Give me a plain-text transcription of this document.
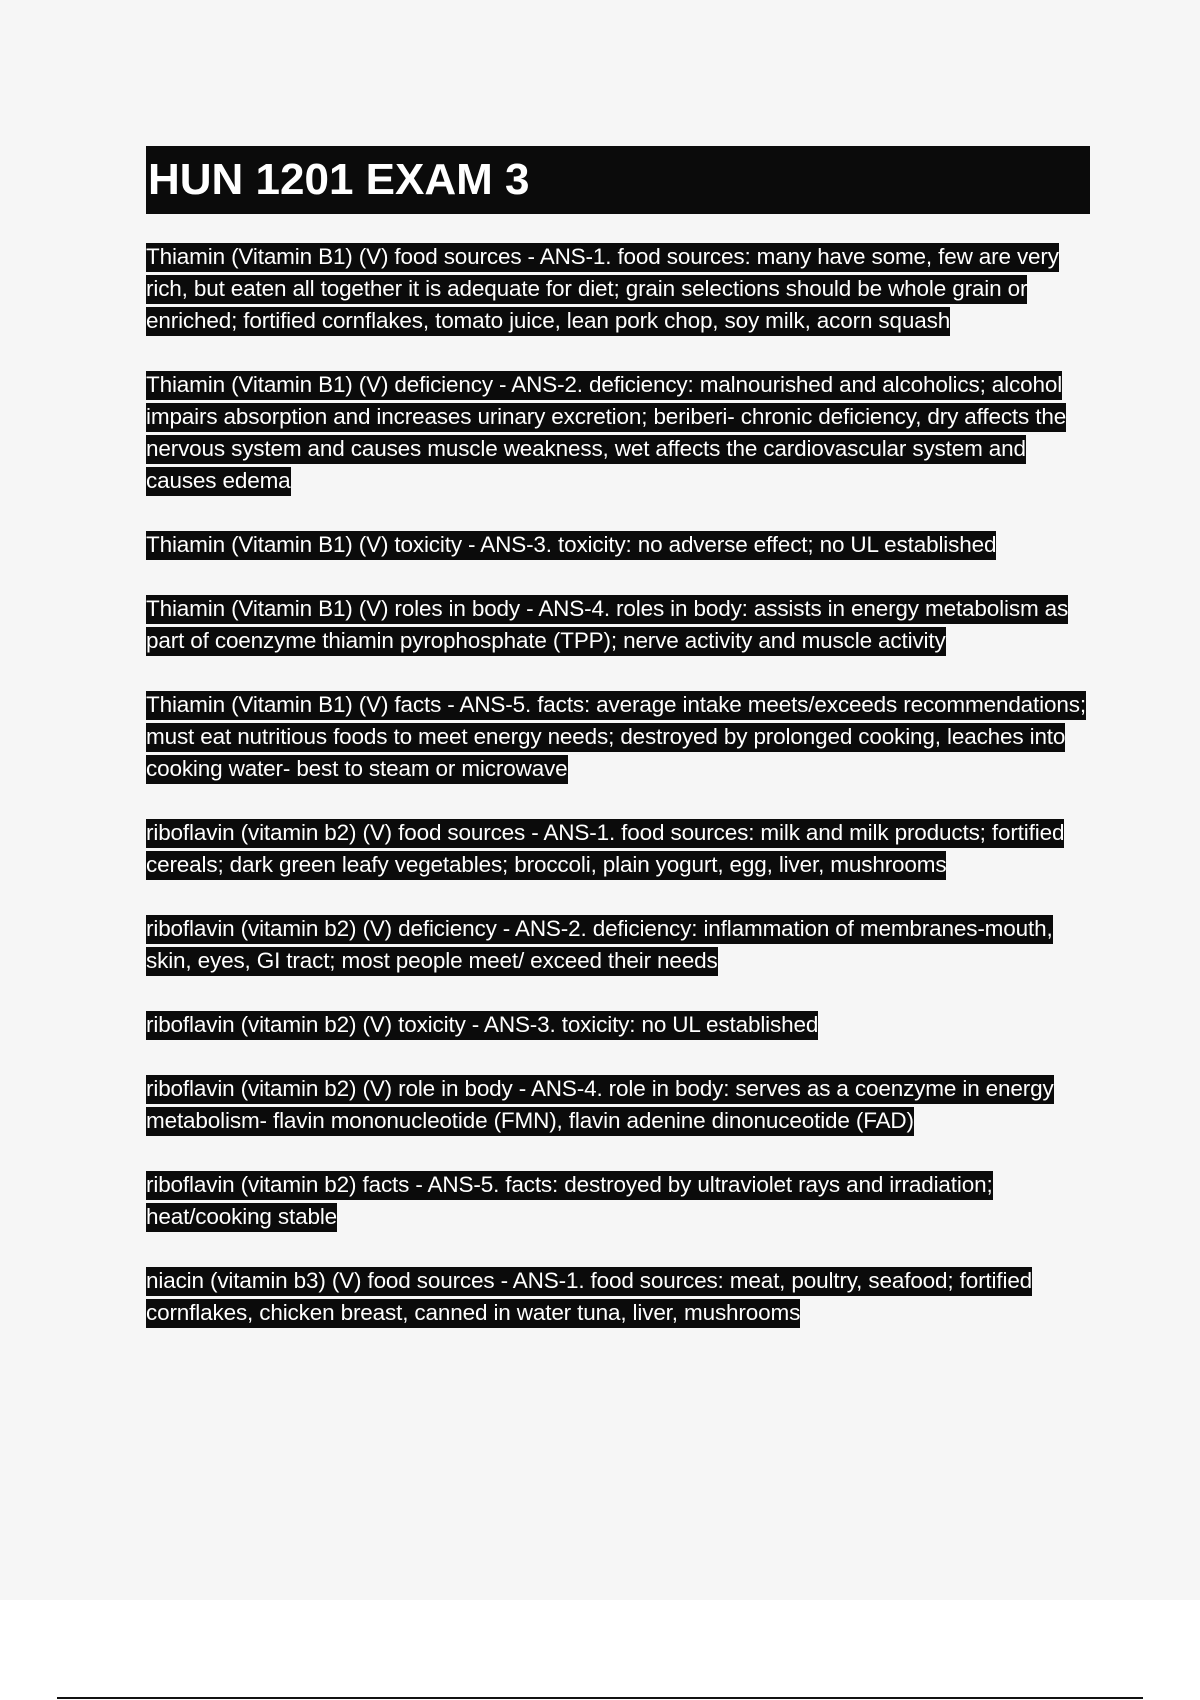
HUN 1201 EXAM 3

Thiamin (Vitamin B1) (V) food sources - ANS-1. food sources: many have some, few are very rich, but eaten all together it is adequate for diet; grain selections should be whole grain or enriched; fortified cornflakes, tomato juice, lean pork chop, soy milk, acorn squash

Thiamin (Vitamin B1) (V) deficiency - ANS-2. deficiency: malnourished and alcoholics; alcohol impairs absorption and increases urinary excretion; beriberi- chronic deficiency, dry affects the nervous system and causes muscle weakness, wet affects the cardiovascular system and causes edema

Thiamin (Vitamin B1) (V) toxicity - ANS-3. toxicity: no adverse effect; no UL established

Thiamin (Vitamin B1) (V) roles in body - ANS-4. roles in body: assists in energy metabolism as part of coenzyme thiamin pyrophosphate (TPP); nerve activity and muscle activity

Thiamin (Vitamin B1) (V) facts - ANS-5. facts: average intake meets/exceeds recommendations; must eat nutritious foods to meet energy needs; destroyed by prolonged cooking, leaches into cooking water- best to steam or microwave

riboflavin (vitamin b2) (V) food sources - ANS-1. food sources: milk and milk products; fortified cereals; dark green leafy vegetables; broccoli, plain yogurt, egg, liver, mushrooms

riboflavin (vitamin b2) (V) deficiency - ANS-2. deficiency: inflammation of membranes-mouth, skin, eyes, GI tract; most people meet/ exceed their needs

riboflavin (vitamin b2) (V) toxicity - ANS-3. toxicity: no UL established

riboflavin (vitamin b2) (V) role in body - ANS-4. role in body: serves as a coenzyme in energy metabolism- flavin mononucleotide (FMN), flavin adenine dinonuceotide (FAD)

riboflavin (vitamin b2) facts - ANS-5. facts: destroyed by ultraviolet rays and irradiation; heat/cooking stable

niacin (vitamin b3) (V) food sources - ANS-1. food sources: meat, poultry, seafood; fortified cornflakes, chicken breast, canned in water tuna, liver, mushrooms
